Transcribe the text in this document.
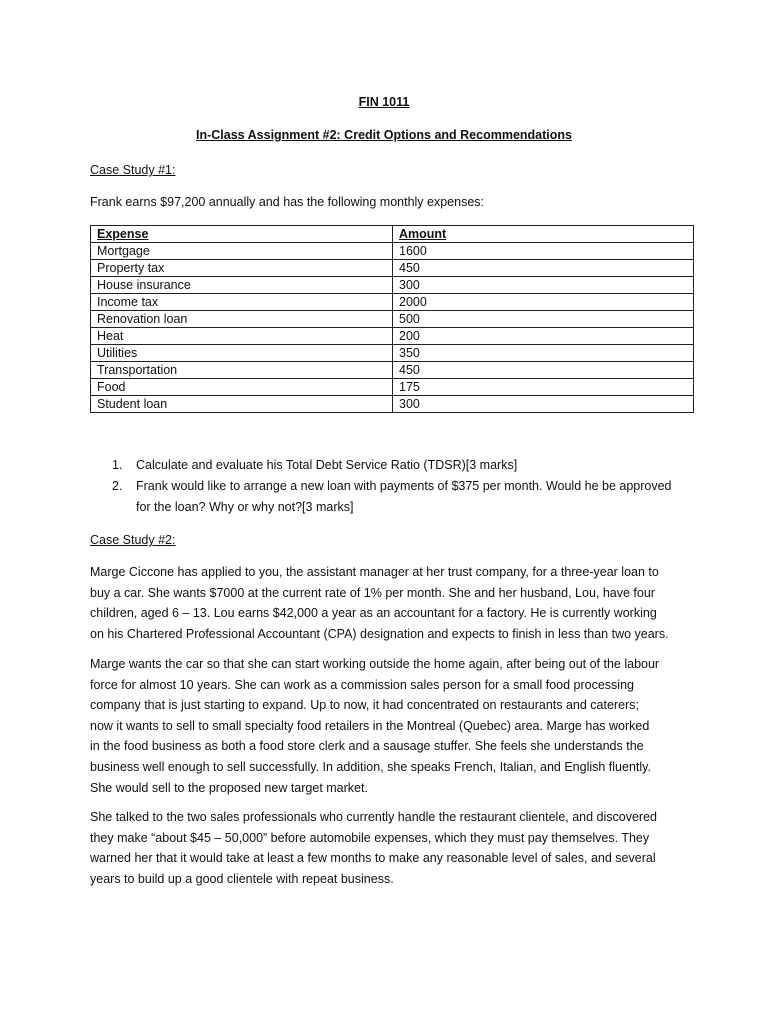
FIN 1011
In-Class Assignment #2: Credit Options and Recommendations
Case Study #1:
Frank earns $97,200 annually and has the following monthly expenses:
Expense	Amount
Mortgage	1600
Property tax	450
House insurance	300
Income tax	2000
Renovation loan	500
Heat	200
Utilities	350
Transportation	450
Food	175
Student loan	300
1. Calculate and evaluate his Total Debt Service Ratio (TDSR)[3 marks]
2. Frank would like to arrange a new loan with payments of $375 per month. Would he be approved for the loan? Why or why not?[3 marks]
Case Study #2:
Marge Ciccone has applied to you, the assistant manager at her trust company, for a three-year loan to
buy a car. She wants $7000 at the current rate of 1% per month. She and her husband, Lou, have four
children, aged 6 – 13. Lou earns $42,000 a year as an accountant for a factory. He is currently working
on his Chartered Professional Accountant (CPA) designation and expects to finish in less than two years.
Marge wants the car so that she can start working outside the home again, after being out of the labour
force for almost 10 years. She can work as a commission sales person for a small food processing
company that is just starting to expand. Up to now, it had concentrated on restaurants and caterers;
now it wants to sell to small specialty food retailers in the Montreal (Quebec) area. Marge has worked
in the food business as both a food store clerk and a sausage stuffer. She feels she understands the
business well enough to sell successfully. In addition, she speaks French, Italian, and English fluently.
She would sell to the proposed new target market.
She talked to the two sales professionals who currently handle the restaurant clientele, and discovered
they make “about $45 – 50,000” before automobile expenses, which they must pay themselves. They
warned her that it would take at least a few months to make any reasonable level of sales, and several
years to build up a good clientele with repeat business.
